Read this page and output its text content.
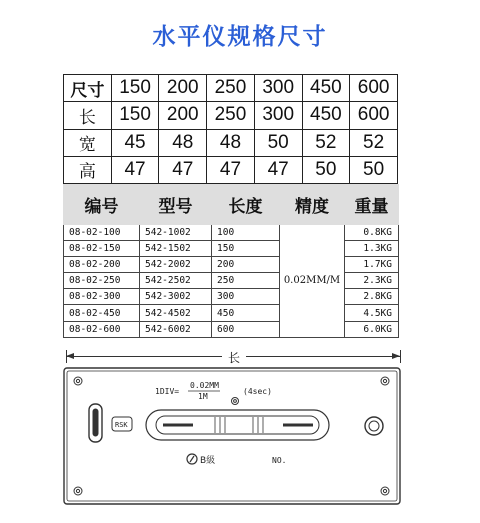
水平仪规格尺寸
尺寸	150	200	250	300	450	600
长	150	200	250	300	450	600
宽	45	48	48	50	52	52
高	47	47	47	47	50	50
编号	型号	长度	精度	重量
08-02-100	542-1002	100	0.02MM/M	0.8KG
08-02-150	542-1502	150		1.3KG
08-02-200	542-2002	200		1.7KG
08-02-250	542-2502	250		2.3KG
08-02-300	542-3002	300		2.8KG
08-02-450	542-4502	450		4.5KG
08-02-600	542-6002	600		6.0KG
长
1DIV=
0.02MM
1M
(4sec)
RSK
B級	NO.
